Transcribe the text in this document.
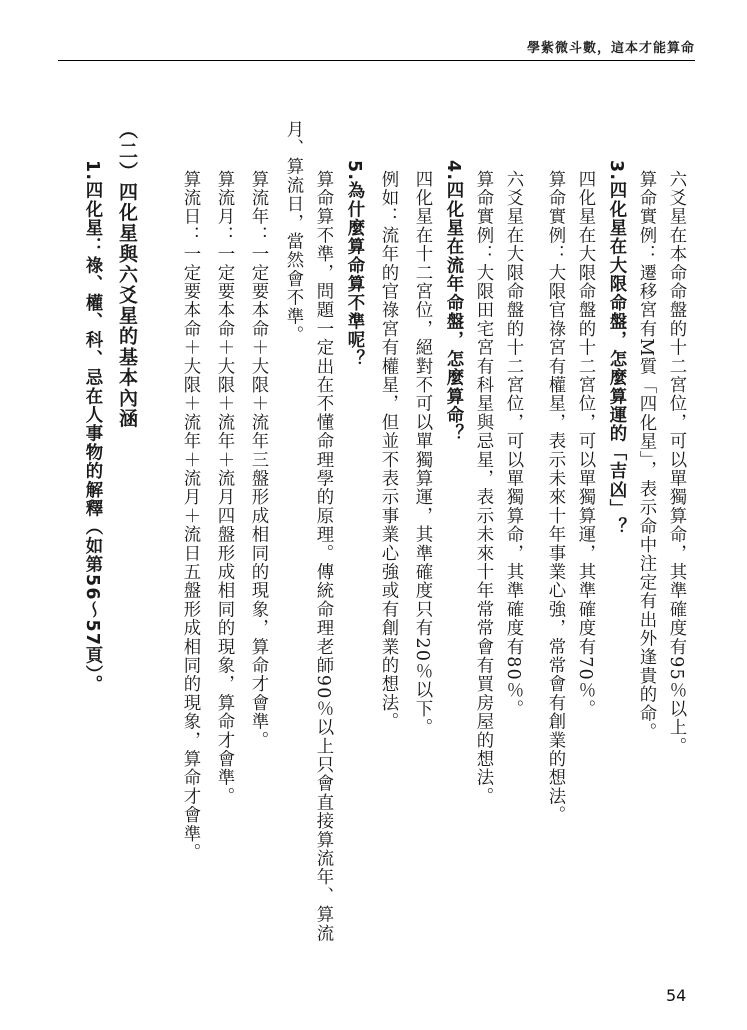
學紫微斗數，這本才能算命

六爻星在本命命盤的十二宮位，可以單獨算命，其準確度有95％以上。

算命實例：遷移宮有M質「四化星」，表示命中注定有出外逢貴的命。

3.四化星在大限命盤，怎麼算運的「吉凶」？

四化星在大限命盤的十二宮位，可以單獨算運，其準確度有70％。

算命實例：大限官祿宮有權星，表示未來十年事業心強，常常會有創業的想法。

六爻星在大限命盤的十二宮位，可以單獨算命，其準確度有80％。

算命實例：大限田宅宮有科星與忌星，表示未來十年常常會有買房屋的想法。

4.四化星在流年命盤，怎麼算命？

四化星在十二宮位，絕對不可以單獨算運，其準確度只有20％以下。

例如：流年的官祿宮有權星，但並不表示事業心強或有創業的想法。

5.為什麼算命算不準呢？

算命算不準，問題一定出在不懂命理學的原理。傳統命理老師90％以上只會直接算流年、算流

月、算流日，當然會不準。

算流年：一定要本命＋大限＋流年三盤形成相同的現象，算命才會準。

算流月：一定要本命＋大限＋流年＋流月四盤形成相同的現象，算命才會準。

算流日：一定要本命＋大限＋流年＋流月＋流日五盤形成相同的現象，算命才會準。

（二）四化星與六爻星的基本內涵

1.四化星：祿、權、科、忌在人事物的解釋（如第56～57頁）。

54
